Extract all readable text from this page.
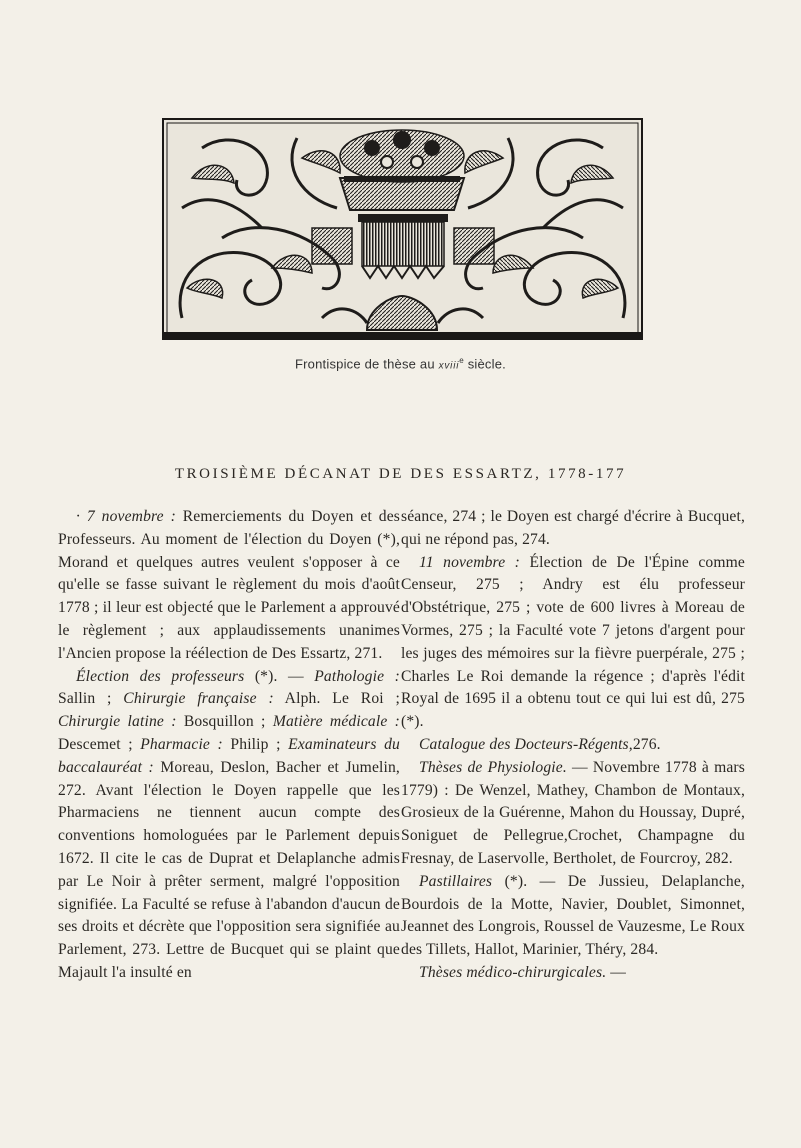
Frontispice de thèse au xviii$^e$ siècle.
TROISIÈME DÉCANAT DE DES ESSARTZ, 1778-177

· 7 novembre : Remerciements du Doyen et des Professeurs. Au moment de l'élection du Doyen (*), Morand et quelques autres veulent s'opposer à ce qu'elle se fasse suivant le règlement du mois d'août 1778 ; il leur est objecté que le Parlement a approuvé le règlement ; aux applaudissements unanimes l'Ancien propose la réélection de Des Essartz, 271.

Élection des professeurs (*). — Pathologie : Sallin ; Chirurgie française : Alph. Le Roi ; Chirurgie latine : Bosquillon ; Matière médicale : Descemet ; Pharmacie : Philip ; Examinateurs du baccalauréat : Moreau, Deslon, Bacher et Jumelin, 272. Avant l'élection le Doyen rappelle que les Pharmaciens ne tiennent aucun compte des conventions homologuées par le Parlement depuis 1672. Il cite le cas de Duprat et Delaplanche admis par Le Noir à prêter serment, malgré l'opposition signifiée. La Faculté se refuse à l'abandon d'aucun de ses droits et décrète que l'opposition sera signifiée au Parlement, 273. Lettre de Bucquet qui se plaint que Majault l'a insulté en

séance, 274 ; le Doyen est chargé d'écrire à Bucquet, qui ne répond pas, 274.

11 novembre : Élection de De l'Épine comme Censeur, 275 ; Andry est élu professeur d'Obstétrique, 275 ; vote de 600 livres à Moreau de Vormes, 275 ; la Faculté vote 7 jetons d'argent pour les juges des mémoires sur la fièvre puerpérale, 275 ; Charles Le Roi demande la régence ; d'après l'édit Royal de 1695 il a obtenu tout ce qui lui est dû, 275 (*).

Catalogue des Docteurs-Régents,276.

Thèses de Physiologie. — Novembre 1778 à mars 1779) : De Wenzel, Mathey, Chambon de Montaux, Grosieux de la Guérenne, Mahon du Houssay, Dupré, Soniguet de Pellegrue,Crochet, Champagne du Fresnay, de Laservolle, Bertholet, de Fourcroy, 282.

Pastillaires (*). — De Jussieu, Delaplanche, Bourdois de la Motte, Navier, Doublet, Simonnet, Jeannet des Longrois, Roussel de Vauzesme, Le Roux des Tillets, Hallot, Marinier, Théry, 284.

Thèses médico-chirurgicales. —
